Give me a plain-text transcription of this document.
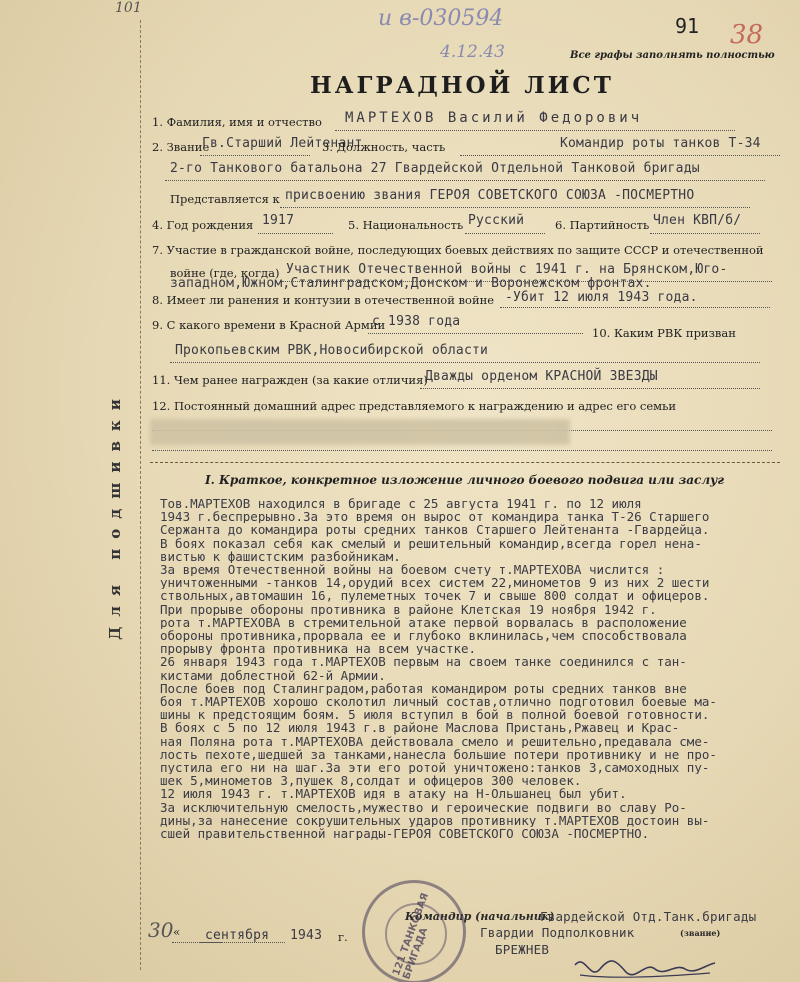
101	и в-030594
4.12.43
91 38
Все графы заполнять полностью
НАГРАДНОЙ ЛИСТ
Для подшивки
1. Фамилия, имя и отчество МАРТЕХОВ Василий Федорович
2. Звание
Гв.Старший Лейтенант
3. Должность, часть	Командир роты танков Т-34
2-го Танкового батальона 27 Гвардейской Отдельной Танковой бригады
Представляется к присвоению звания ГЕРОЯ СОВЕТСКОГО СОЮЗА -ПОСМЕРТНО
4. Год рождения 1917	5. Национальность Русский	6. Партийность Член КВП/б/
7. Участие в гражданской войне, последующих боевых действиях по защите СССР и отечественной
войне (где, когда) Участник Отечественной войны с 1941 г. на Брянском,Юго-
западном,Южном,Сталинградском,Донском и Воронежском фронтах.
8. Имеет ли ранения и контузии в отечественной войне -Убит 12 июля 1943 года.
9. С какого времени в Красной Армии
с 1938 года
10. Каким РВК призван
Прокопьевским РВК,Новосибирской области
11. Чем ранее награжден (за какие отличия)
Дважды орденом КРАСНОЙ ЗВЕЗДЫ
12. Постоянный домашний адрес представляемого к награждению и адрес его семьи
I. Краткое, конкретное изложение личного боевого подвига или заслуг

Тов.МАРТЕХОВ находился в бригаде с 25 августа 1941 г. по 12 июля

1943 г.беспрерывно.За это время он вырос от командира танка Т-26 Старшего

Сержанта до командира роты средних танков Старшего Лейтенанта -Гвардейца.

В боях показал себя как смелый и решительный командир,всегда горел нена-

вистью к фашистским разбойникам.

За время Отечественной войны на боевом счету т.МАРТЕХОВА числится :

уничтоженными -танков 14,орудий всех систем 22,минометов 9 из них 2 шести

ствольных,автомашин 16, пулеметных точек 7 и свыше 800 солдат и офицеров.

При прорыве обороны противника в районе Клетская 19 ноября 1942 г.

рота т.МАРТЕХОВА в стремительной атаке первой ворвалась в расположение

обороны противника,прорвала ее и глубоко вклинилась,чем способствовала

прорыву фронта противника на всем участке.

26 января 1943 года т.МАРТЕХОВ первым на своем танке соединился с тан-

кистами доблестной 62-й Армии.

После боев под Сталинградом,работая командиром роты средних танков вне

боя т.МАРТЕХОВ хорошо сколотил личный состав,отлично подготовил боевые ма-

шины к предстоящим боям. 5 июля вступил в бой в полной боевой готовности.

В боях с 5 по 12 июля 1943 г.в районе Маслова Пристань,Ржавец и Крас-

ная Поляна рота т.МАРТЕХОВА действовала смело и решительно,предавала сме-

лость пехоте,шедшей за танками,нанесла большие потери противнику и не про-

пустила его ни на шаг.За эти его ротой уничтожено:танков 3,самоходных пу-

шек 5,минометов 3,пушек 8,солдат и офицеров 300 человек.

12 июля 1943 г. т.МАРТЕХОВ идя в атаку на Н-Ольшанец был убит.

За исключительную смелость,мужество и героические подвиги во славу Ро-

дины,за нанесение сокрушительных ударов противнику т.МАРТЕХОВ достоин вы-

сшей правительственной награды-ГЕРОЯ СОВЕТСКОГО СОЮЗА -ПОСМЕРТНО.

30 « сентября 1943 г.
Командир (начальник)
Гвардейской Отд.Танк.бригады
Гвардии Подполковник	(звание)
БРЕЖНЕВ
121 ТАНКОВАЯ БРИГАДА
